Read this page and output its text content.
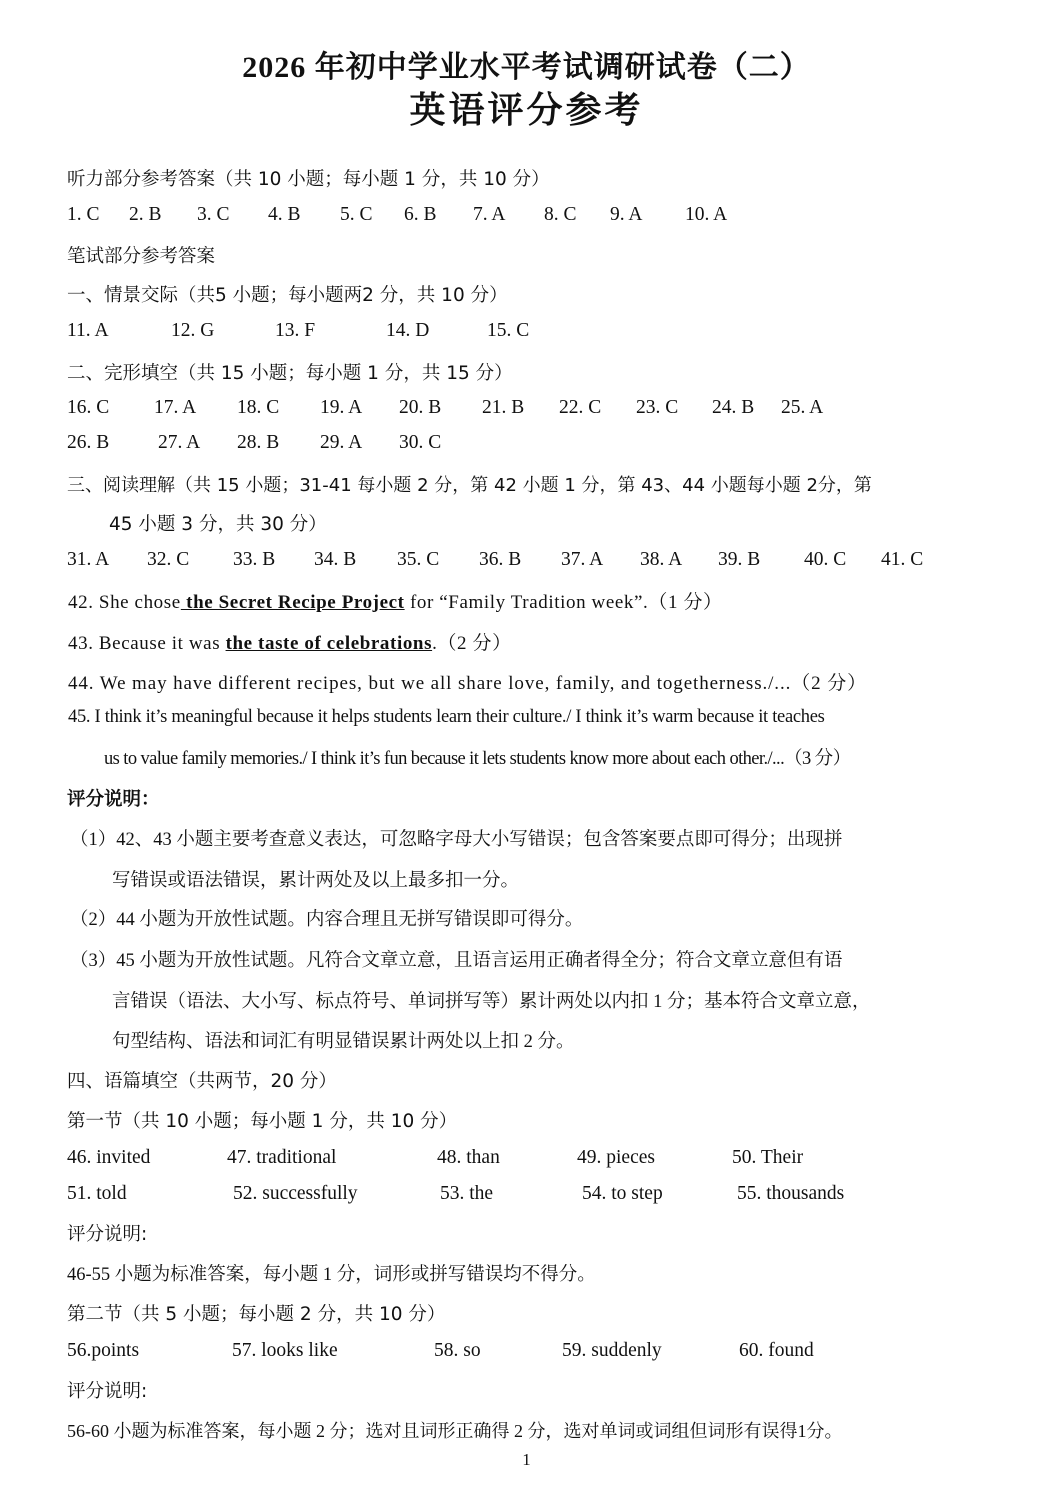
2026 年初中学业水平考试调研试卷（二）
英语评分参考
听力部分参考答案（共 10 小题；每小题 1 分，共 10 分）
1. C 2. B 3. C 4. B 5. C 6. B 7. A 8. C 9. A 10. A
笔试部分参考答案
一、情景交际（共5 小题；每小题两2 分，共 10 分）
11. A	12. G	13. F	14. D	15. C
二、完形填空（共 15 小题；每小题 1 分，共 15 分）
16. C 17. A 18. C 19. A 20. B 21. B 22. C 23. C 24. B 25. A
26. B 27. A 28. B 29. A 30. C
三、阅读理解（共 15 小题；31-41 每小题 2 分，第 42 小题 1 分，第 43、44 小题每小题 2分，第
45 小题 3 分，共 30 分）
31. A 32. C 33. B 34. B 35. C 36. B 37. A 38. A 39. B 40. C 41. C
42. She chose the Secret Recipe Project for “Family Tradition week”.（1 分）
43. Because it was the taste of celebrations.（2 分）
44. We may have different recipes, but we all share love, family, and togetherness./...（2 分）
45. I think it’s meaningful because it helps students learn their culture./ I think it’s warm because it teaches
us to value family memories./ I think it’s fun because it lets students know more about each other./...（3 分）
评分说明：
（1）42、43 小题主要考查意义表达，可忽略字母大小写错误；包含答案要点即可得分；出现拼
写错误或语法错误，累计两处及以上最多扣一分。
（2）44 小题为开放性试题。内容合理且无拼写错误即可得分。
（3）45 小题为开放性试题。凡符合文章立意，且语言运用正确者得全分；符合文章立意但有语
言错误（语法、大小写、标点符号、单词拼写等）累计两处以内扣 1 分；基本符合文章立意，
句型结构、语法和词汇有明显错误累计两处以上扣 2 分。
四、语篇填空（共两节，20 分）
第一节（共 10 小题；每小题 1 分，共 10 分）
46. invited	47. traditional	48. than	49. pieces	50. Their
51. told	52. successfully	53. the	54. to step	55. thousands
评分说明:
46-55 小题为标准答案，每小题 1 分，词形或拼写错误均不得分。
第二节（共 5 小题；每小题 2 分，共 10 分）
56.points	57. looks like	58. so	59. suddenly	60. found
评分说明:
56-60 小题为标准答案，每小题 2 分；选对且词形正确得 2 分，选对单词或词组但词形有误得1分。
1
